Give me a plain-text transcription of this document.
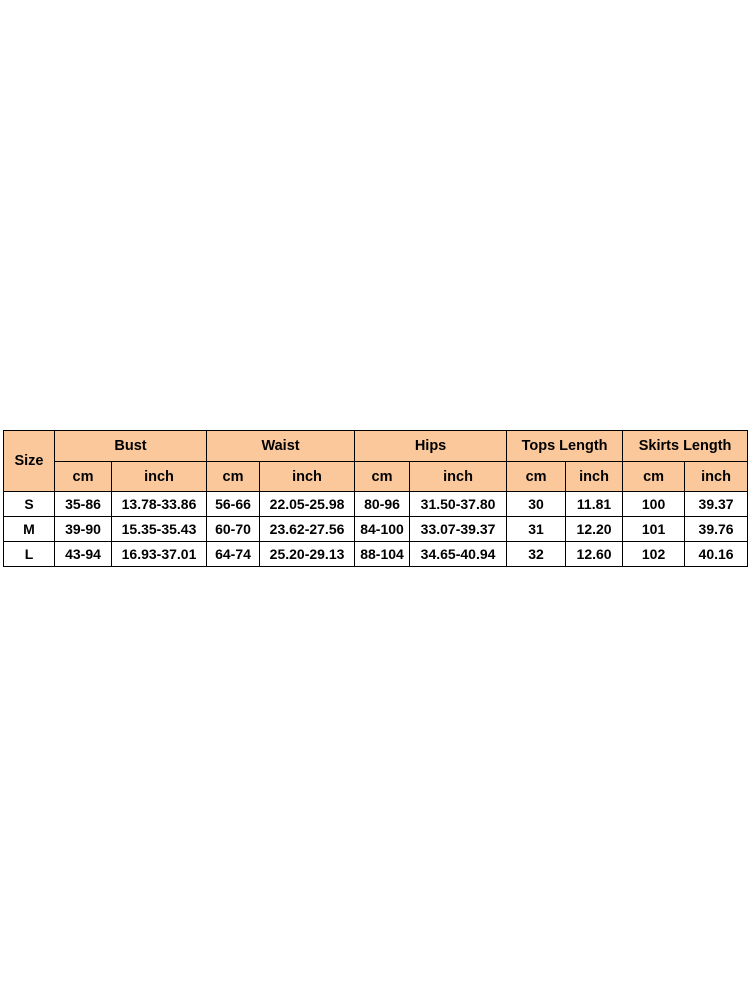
Size	Bust		Waist		Hips		Tops Length		Skirts Length	
	cm	inch	cm	inch	cm	inch	cm	inch	cm	inch
S	35-86	13.78-33.86	56-66	22.05-25.98	80-96	31.50-37.80	30	11.81	100	39.37
M	39-90	15.35-35.43	60-70	23.62-27.56	84-100	33.07-39.37	31	12.20	101	39.76
L	43-94	16.93-37.01	64-74	25.20-29.13	88-104	34.65-40.94	32	12.60	102	40.16
